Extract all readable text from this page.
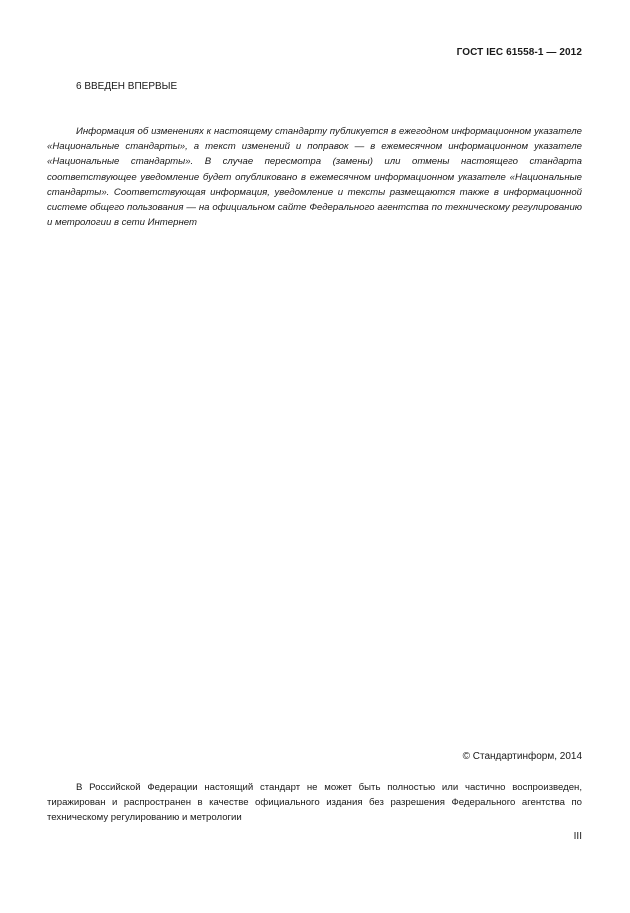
ГОСТ IEC 61558-1 — 2012
6 ВВЕДЕН ВПЕРВЫЕ

Информация об изменениях к настоящему стандарту публикуется в ежегодном информационном указателе «Национальные стандарты», а текст изменений и поправок — в ежемесячном информационном указателе «Национальные стандарты». В случае пересмотра (замены) или отмены настоящего стандарта соответствующее уведомление будет опубликовано в ежемесячном информационном указателе «Национальные стандарты». Соответствующая информация, уведомление и тексты размещаются также в информационной системе общего пользования — на официальном сайте Федерального агентства по техническому регулированию и метрологии в сети Интернет

© Стандартинформ, 2014

В Российской Федерации настоящий стандарт не может быть полностью или частично воспроизведен, тиражирован и распространен в качестве официального издания без разрешения Федерального агентства по техническому регулированию и метрологии

III
